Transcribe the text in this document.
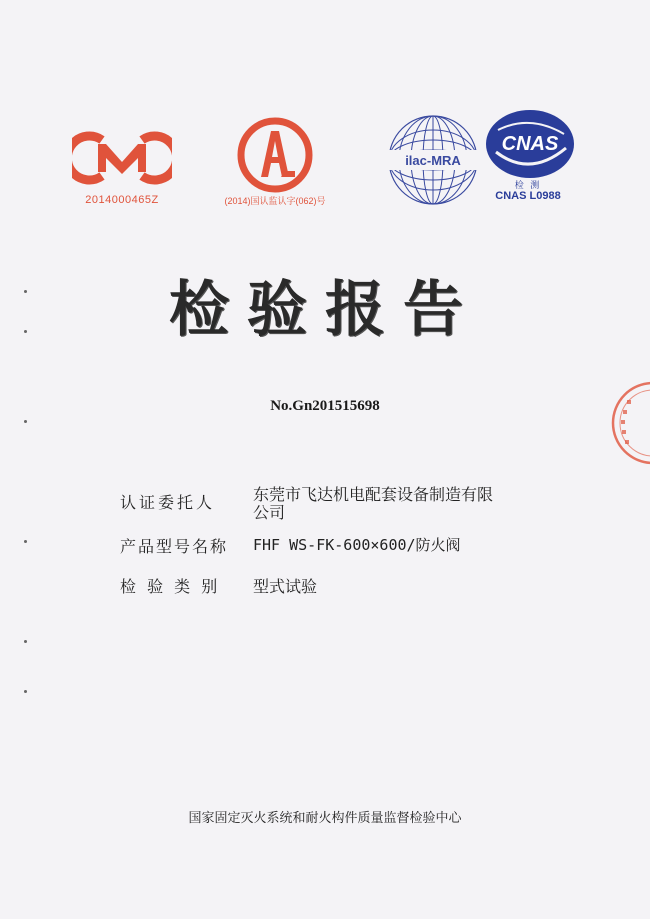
2014000465Z	(2014)国认监认字(062)号
ilac-MRA
CNAS
检 测
CNAS L0988
检验报告
No.Gn201515698
认证委托人 东莞市飞达机电配套设备制造有限
公司
产品型号名称 FHF WS-FK-600×600/防火阀
检 验 类 别 型式试验
国家固定灭火系统和耐火构件质量监督检验中心
